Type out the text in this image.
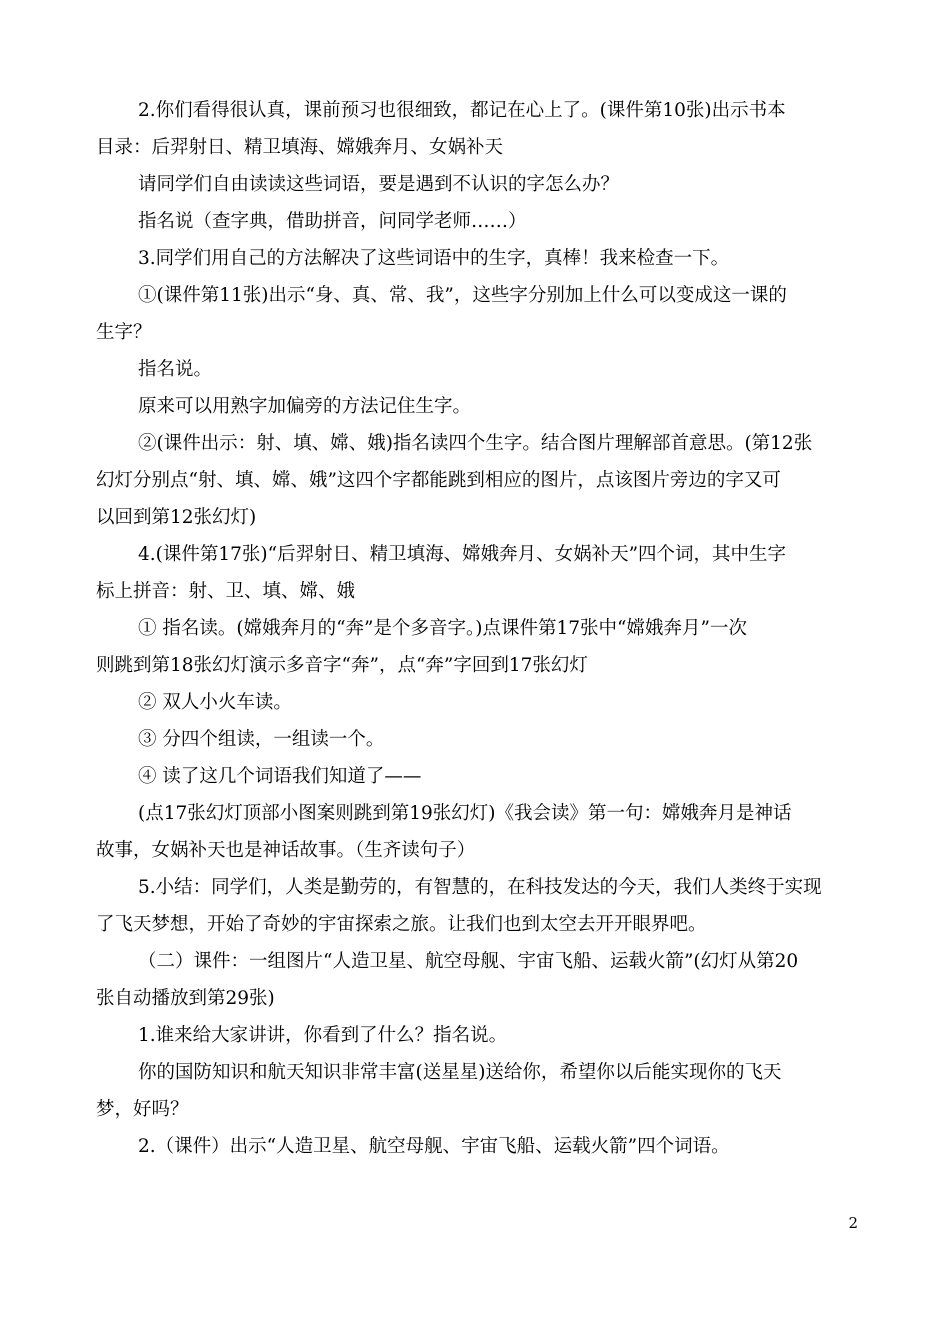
2.你们看得很认真，课前预习也很细致，都记在心上了。(课件第10张)出示书本
目录：后羿射日、精卫填海、嫦娥奔月、女娲补天
请同学们自由读读这些词语，要是遇到不认识的字怎么办？
指名说（查字典，借助拼音，问同学老师……）
3.同学们用自己的方法解决了这些词语中的生字，真棒！我来检查一下。
①(课件第11张)出示“身、真、常、我”，这些字分别加上什么可以变成这一课的
生字？
指名说。
原来可以用熟字加偏旁的方法记住生字。
②(课件出示：射、填、嫦、娥)指名读四个生字。结合图片理解部首意思。(第12张
幻灯分别点“射、填、嫦、娥”这四个字都能跳到相应的图片，点该图片旁边的字又可
以回到第12张幻灯)
4.(课件第17张)“后羿射日、精卫填海、嫦娥奔月、女娲补天”四个词，其中生字
标上拼音：射、卫、填、嫦、娥
① 指名读。(嫦娥奔月的“奔”是个多音字。)点课件第17张中“嫦娥奔月”一次
则跳到第18张幻灯演示多音字“奔”，点“奔”字回到17张幻灯
② 双人小火车读。
③ 分四个组读，一组读一个。
④ 读了这几个词语我们知道了——
(点17张幻灯顶部小图案则跳到第19张幻灯)《我会读》第一句：嫦娥奔月是神话
故事，女娲补天也是神话故事。（生齐读句子）
5.小结：同学们，人类是勤劳的，有智慧的，在科技发达的今天，我们人类终于实现
了飞天梦想，开始了奇妙的宇宙探索之旅。让我们也到太空去开开眼界吧。
（二）课件：一组图片“人造卫星、航空母舰、宇宙飞船、运载火箭”(幻灯从第20
张自动播放到第29张)
1.谁来给大家讲讲，你看到了什么？指名说。
你的国防知识和航天知识非常丰富(送星星)送给你，希望你以后能实现你的飞天
梦，好吗？
2.（课件）出示“人造卫星、航空母舰、宇宙飞船、运载火箭”四个词语。
2
